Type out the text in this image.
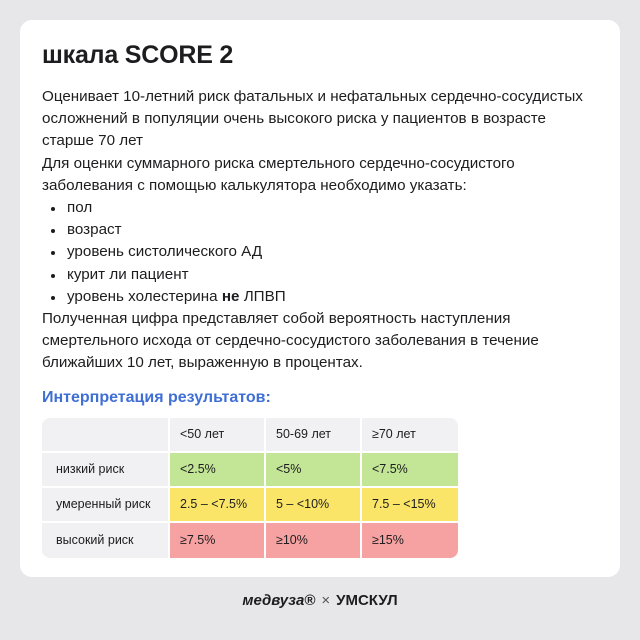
шкала SCORE 2

Оценивает 10-летний риск фатальных и нефатальных сердечно-сосудистых осложнений в популяции очень высокого риска у пациентов в возрасте старше 70 лет

Для оценки суммарного риска смертельного сердечно-сосудистого заболевания с помощью калькулятора необходимо указать:

пол
возраст
уровень систолического АД
курит ли пациент
уровень холестерина не ЛПВП

Полученная цифра представляет собой вероятность наступления смертельного исхода от сердечно-сосудистого заболевания в течение ближайших 10 лет, выраженную в процентах.

Интерпретация результатов:
	<50 лет	50-69 лет	≥70 лет
низкий риск	<2.5%	<5%	<7.5%
умеренный риск	2.5 – <7.5%	5 – <10%	7.5 – <15%
высокий риск	≥7.5%	≥10%	≥15%
медвуза® × УМСКУЛ
